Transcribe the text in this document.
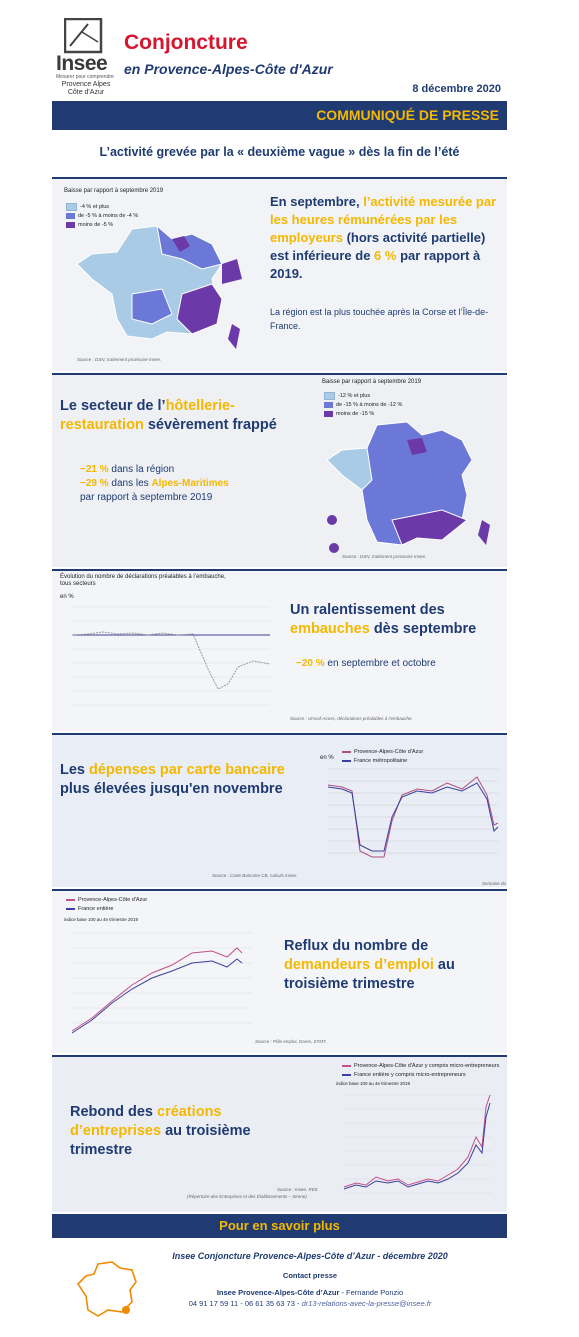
Insee
Mesurer pour comprendre
Provence Alpes
Côte d'Azur
Conjoncture
en Provence-Alpes-Côte d'Azur
8 décembre 2020
COMMUNIQUÉ DE PRESSE
L’activité grevée par la « deuxième vague » dès la fin de l’été
Baisse par rapport à septembre 2019
-4 % et plus
de -5 % à moins de -4 %
moins de -5 %
En septembre, l’activité mesurée par les heures rémunérées par les employeurs (hors activité partielle) est inférieure de 6 % par rapport à 2019.
La région est la plus touchée après la Corse et l’Île-de-France.
Source : DSN, traitement provisoire Insee.
Le secteur de l’hôtellerie-restauration sévèrement frappé
−21 % dans la région
−29 % dans les Alpes-Maritimes
par rapport à septembre 2019
Baisse par rapport à septembre 2019
-12 % et plus
de -15 % à moins de -12 %
moins de -15 %
Source : DSN, traitement provisoire Insee.
Évolution du nombre de déclarations préalables à l’embauche,
tous secteurs
en %
Un ralentissement des embauches dès septembre
−20 % en septembre et octobre
Source : Urssaf-Acoss, déclarations préalables à l’embauche.
Les dépenses par carte bancaire plus élevées jusqu'en novembre
en %
Provence-Alpes-Côte d'Azur
France métropolitaine
Source : Carte Bancaire CB, calculs Insee.
Semaine du
Provence-Alpes-Côte d'Azur
France entière
indice base 100 au 4e trimestre 2019
Reflux du nombre de demandeurs d’emploi au troisième trimestre
Source : Pôle emploi, Dares, STMT.
Provence-Alpes-Côte d'Azur y compris micro-entrepreneurs
France entière y compris micro-entrepreneurs
indice base 100 au 4e trimestre 2019
Rebond des créations d’entreprises au troisième trimestre
Source : Insee, REE
(Répertoire des Entreprises et des Établissements – Sirene)
Pour en savoir plus
Insee Conjoncture Provence-Alpes-Côte d’Azur - décembre 2020
Contact presse
Insee Provence-Alpes-Côte d’Azur - Fernande Ponzio
04 91 17 59 11 - 06 61 35 63 73 - dr13-relations-avec-la-presse@insee.fr
